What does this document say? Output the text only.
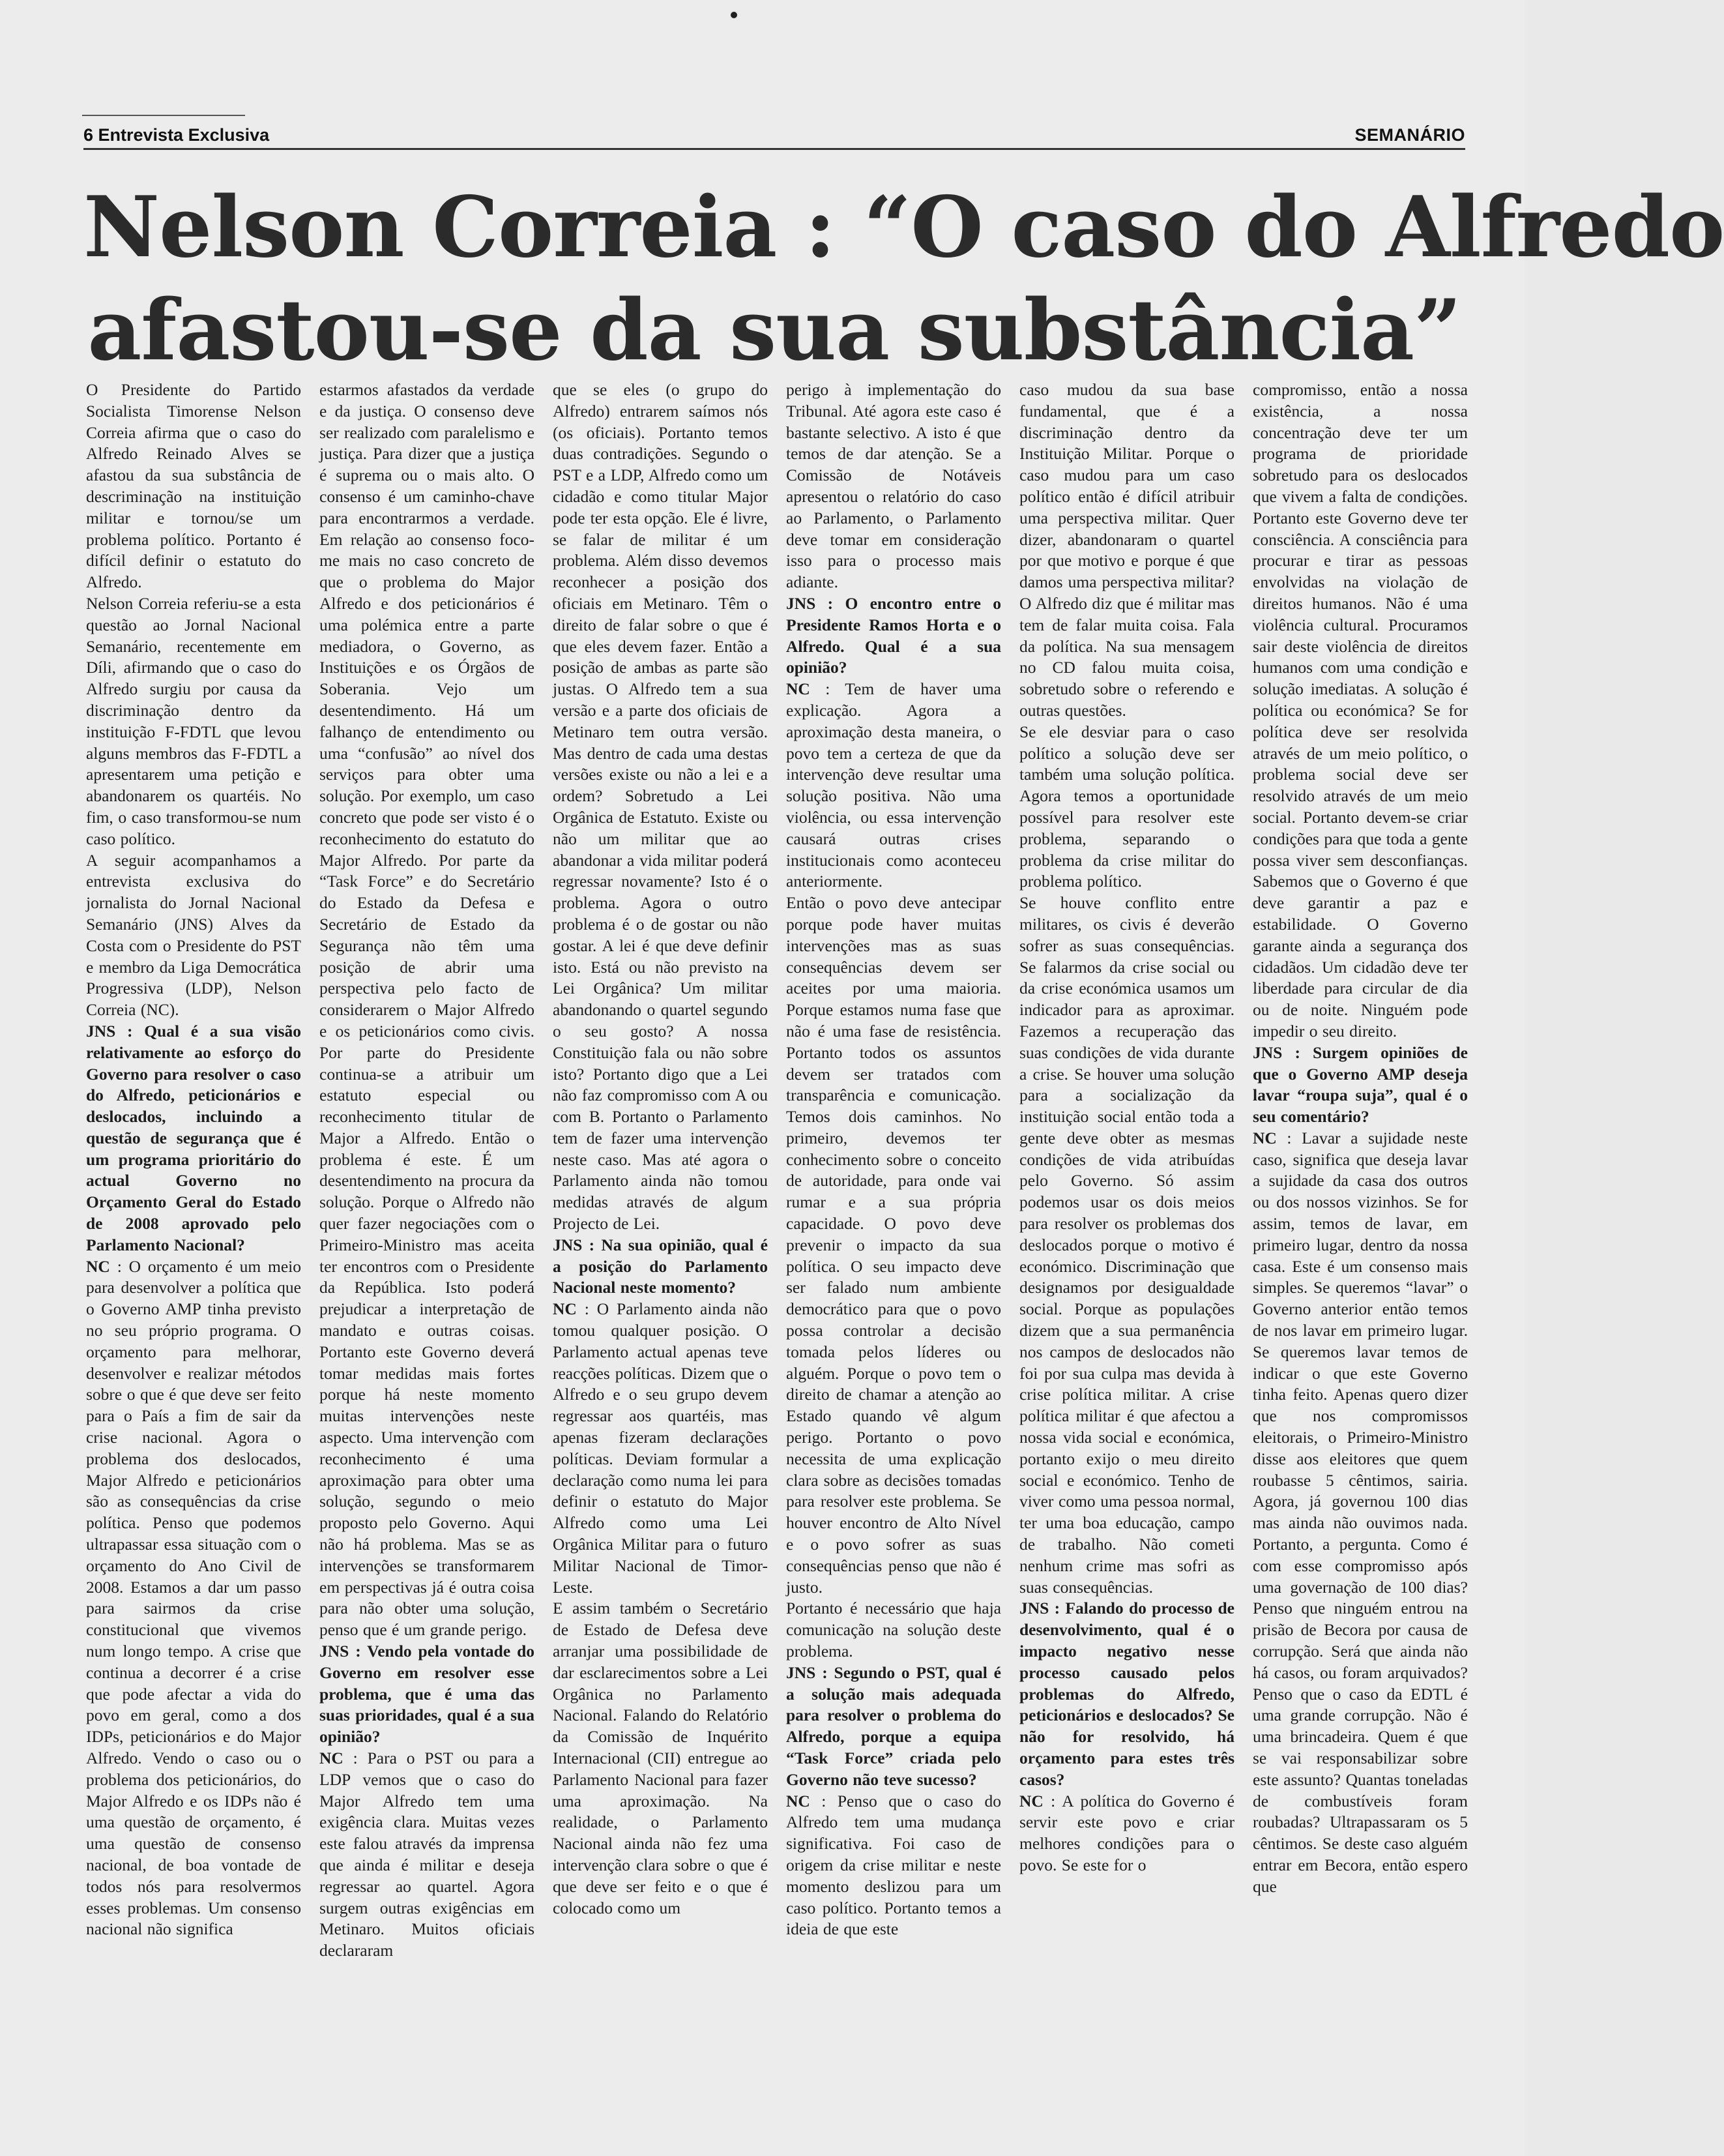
6 Entrevista Exclusiva	SEMANÁRIO
Nelson Correia : “O caso do Alfredo
afastou-se da sua substância”

O Presidente do Partido Socialista Timorense Nelson Correia afirma que o caso do Alfredo Reinado Alves se afastou da sua substância de descriminação na instituição militar e tornou/se um problema político. Portanto é difícil definir o estatuto do Alfredo.

Nelson Correia referiu-se a esta questão ao Jornal Nacional Semanário, recentemente em Díli, afirmando que o caso do Alfredo surgiu por causa da discriminação dentro da instituição F-FDTL que levou alguns membros das F-FDTL a apresentarem uma petição e abandonarem os quartéis. No fim, o caso transformou-se num caso político.

A seguir acompanhamos a entrevista exclusiva do jornalista do Jornal Nacional Semanário (JNS) Alves da Costa com o Presidente do PST e membro da Liga Democrática Progressiva (LDP), Nelson Correia (NC).

JNS : Qual é a sua visão relativamente ao esforço do Governo para resolver o caso do Alfredo, peticionários e deslocados, incluindo a questão de segurança que é um programa prioritário do actual Governo no Orçamento Geral do Estado de 2008 aprovado pelo Parlamento Nacional?

NC : O orçamento é um meio para desenvolver a política que o Governo AMP tinha previsto no seu próprio programa. O orçamento para melhorar, desenvolver e realizar métodos sobre o que é que deve ser feito para o País a fim de sair da crise nacional. Agora o problema dos deslocados, Major Alfredo e peticionários são as consequências da crise política. Penso que podemos ultrapassar essa situação com o orçamento do Ano Civil de 2008. Estamos a dar um passo para sairmos da crise constitucional que vivemos num longo tempo. A crise que continua a decorrer é a crise que pode afectar a vida do povo em geral, como a dos IDPs, peticionários e do Major Alfredo. Vendo o caso ou o problema dos peticionários, do Major Alfredo e os IDPs não é uma questão de orçamento, é uma questão de consenso nacional, de boa vontade de todos nós para resolvermos esses problemas. Um consenso nacional não significa

estarmos afastados da verdade e da justiça. O consenso deve ser realizado com paralelismo e justiça. Para dizer que a justiça é suprema ou o mais alto. O consenso é um caminho-chave para encontrarmos a verdade. Em relação ao consenso foco-me mais no caso concreto de que o problema do Major Alfredo e dos peticionários é uma polémica entre a parte mediadora, o Governo, as Instituições e os Órgãos de Soberania. Vejo um desentendimento. Há um falhanço de entendimento ou uma “confusão” ao nível dos serviços para obter uma solução. Por exemplo, um caso concreto que pode ser visto é o reconhecimento do estatuto do Major Alfredo. Por parte da “Task Force” e do Secretário do Estado da Defesa e Secretário de Estado da Segurança não têm uma posição de abrir uma perspectiva pelo facto de considerarem o Major Alfredo e os peticionários como civis. Por parte do Presidente continua-se a atribuir um estatuto especial ou reconhecimento titular de Major a Alfredo. Então o problema é este. É um desentendimento na procura da solução. Porque o Alfredo não quer fazer negociações com o Primeiro-Ministro mas aceita ter encontros com o Presidente da República. Isto poderá prejudicar a interpretação de mandato e outras coisas. Portanto este Governo deverá tomar medidas mais fortes porque há neste momento muitas intervenções neste aspecto. Uma intervenção com reconhecimento é uma aproximação para obter uma solução, segundo o meio proposto pelo Governo. Aqui não há problema. Mas se as intervenções se transformarem em perspectivas já é outra coisa para não obter uma solução, penso que é um grande perigo.

JNS : Vendo pela vontade do Governo em resolver esse problema, que é uma das suas prioridades, qual é a sua opinião?

NC : Para o PST ou para a LDP vemos que o caso do Major Alfredo tem uma exigência clara. Muitas vezes este falou através da imprensa que ainda é militar e deseja regressar ao quartel. Agora surgem outras exigências em Metinaro. Muitos oficiais declararam

que se eles (o grupo do Alfredo) entrarem saímos nós (os oficiais). Portanto temos duas contradições. Segundo o PST e a LDP, Alfredo como um cidadão e como titular Major pode ter esta opção. Ele é livre, se falar de militar é um problema. Além disso devemos reconhecer a posição dos oficiais em Metinaro. Têm o direito de falar sobre o que é que eles devem fazer. Então a posição de ambas as parte são justas. O Alfredo tem a sua versão e a parte dos oficiais de Metinaro tem outra versão. Mas dentro de cada uma destas versões existe ou não a lei e a ordem? Sobretudo a Lei Orgânica de Estatuto. Existe ou não um militar que ao abandonar a vida militar poderá regressar novamente? Isto é o problema. Agora o outro problema é o de gostar ou não gostar. A lei é que deve definir isto. Está ou não previsto na Lei Orgânica? Um militar abandonando o quartel segundo o seu gosto? A nossa Constituição fala ou não sobre isto? Portanto digo que a Lei não faz compromisso com A ou com B. Portanto o Parlamento tem de fazer uma intervenção neste caso. Mas até agora o Parlamento ainda não tomou medidas através de algum Projecto de Lei.

JNS : Na sua opinião, qual é a posição do Parlamento Nacional neste momento?

NC : O Parlamento ainda não tomou qualquer posição. O Parlamento actual apenas teve reacções políticas. Dizem que o Alfredo e o seu grupo devem regressar aos quartéis, mas apenas fizeram declarações políticas. Deviam formular a declaração como numa lei para definir o estatuto do Major Alfredo como uma Lei Orgânica Militar para o futuro Militar Nacional de Timor-Leste.

E assim também o Secretário de Estado de Defesa deve arranjar uma possibilidade de dar esclarecimentos sobre a Lei Orgânica no Parlamento Nacional. Falando do Relatório da Comissão de Inquérito Internacional (CII) entregue ao Parlamento Nacional para fazer uma aproximação. Na realidade, o Parlamento Nacional ainda não fez uma intervenção clara sobre o que é que deve ser feito e o que é colocado como um

perigo à implementação do Tribunal. Até agora este caso é bastante selectivo. A isto é que temos de dar atenção. Se a Comissão de Notáveis apresentou o relatório do caso ao Parlamento, o Parlamento deve tomar em consideração isso para o processo mais adiante.

JNS : O encontro entre o Presidente Ramos Horta e o Alfredo. Qual é a sua opinião?

NC : Tem de haver uma explicação. Agora a aproximação desta maneira, o povo tem a certeza de que da intervenção deve resultar uma solução positiva. Não uma violência, ou essa intervenção causará outras crises institucionais como aconteceu anteriormente.

Então o povo deve antecipar porque pode haver muitas intervenções mas as suas consequências devem ser aceites por uma maioria. Porque estamos numa fase que não é uma fase de resistência. Portanto todos os assuntos devem ser tratados com transparência e comunicação. Temos dois caminhos. No primeiro, devemos ter conhecimento sobre o conceito de autoridade, para onde vai rumar e a sua própria capacidade. O povo deve prevenir o impacto da sua política. O seu impacto deve ser falado num ambiente democrático para que o povo possa controlar a decisão tomada pelos líderes ou alguém. Porque o povo tem o direito de chamar a atenção ao Estado quando vê algum perigo. Portanto o povo necessita de uma explicação clara sobre as decisões tomadas para resolver este problema. Se houver encontro de Alto Nível e o povo sofrer as suas consequências penso que não é justo.

Portanto é necessário que haja comunicação na solução deste problema.

JNS : Segundo o PST, qual é a solução mais adequada para resolver o problema do Alfredo, porque a equipa “Task Force” criada pelo Governo não teve sucesso?

NC : Penso que o caso do Alfredo tem uma mudança significativa. Foi caso de origem da crise militar e neste momento deslizou para um caso político. Portanto temos a ideia de que este

caso mudou da sua base fundamental, que é a discriminação dentro da Instituição Militar. Porque o caso mudou para um caso político então é difícil atribuir uma perspectiva militar. Quer dizer, abandonaram o quartel por que motivo e porque é que damos uma perspectiva militar? O Alfredo diz que é militar mas tem de falar muita coisa. Fala da política. Na sua mensagem no CD falou muita coisa, sobretudo sobre o referendo e outras questões.

Se ele desviar para o caso político a solução deve ser também uma solução política. Agora temos a oportunidade possível para resolver este problema, separando o problema da crise militar do problema político.

Se houve conflito entre militares, os civis é deverão sofrer as suas consequências. Se falarmos da crise social ou da crise económica usamos um indicador para as aproximar. Fazemos a recuperação das suas condições de vida durante a crise. Se houver uma solução para a socialização da instituição social então toda a gente deve obter as mesmas condições de vida atribuídas pelo Governo. Só assim podemos usar os dois meios para resolver os problemas dos deslocados porque o motivo é económico. Discriminação que designamos por desigualdade social. Porque as populações dizem que a sua permanência nos campos de deslocados não foi por sua culpa mas devida à crise política militar. A crise política militar é que afectou a nossa vida social e económica, portanto exijo o meu direito social e económico. Tenho de viver como uma pessoa normal, ter uma boa educação, campo de trabalho. Não cometi nenhum crime mas sofri as suas consequências.

JNS : Falando do processo de desenvolvimento, qual é o impacto negativo nesse processo causado pelos problemas do Alfredo, peticionários e deslocados? Se não for resolvido, há orçamento para estes três casos?

NC : A política do Governo é servir este povo e criar melhores condições para o povo. Se este for o

compromisso, então a nossa existência, a nossa concentração deve ter um programa de prioridade sobretudo para os deslocados que vivem a falta de condições. Portanto este Governo deve ter consciência. A consciência para procurar e tirar as pessoas envolvidas na violação de direitos humanos. Não é uma violência cultural. Procuramos sair deste violência de direitos humanos com uma condição e solução imediatas. A solução é política ou económica? Se for política deve ser resolvida através de um meio político, o problema social deve ser resolvido através de um meio social. Portanto devem-se criar condições para que toda a gente possa viver sem desconfianças. Sabemos que o Governo é que deve garantir a paz e estabilidade. O Governo garante ainda a segurança dos cidadãos. Um cidadão deve ter liberdade para circular de dia ou de noite. Ninguém pode impedir o seu direito.

JNS : Surgem opiniões de que o Governo AMP deseja lavar “roupa suja”, qual é o seu comentário?

NC : Lavar a sujidade neste caso, significa que deseja lavar a sujidade da casa dos outros ou dos nossos vizinhos. Se for assim, temos de lavar, em primeiro lugar, dentro da nossa casa. Este é um consenso mais simples. Se queremos “lavar” o Governo anterior então temos de nos lavar em primeiro lugar. Se queremos lavar temos de indicar o que este Governo tinha feito. Apenas quero dizer que nos compromissos eleitorais, o Primeiro-Ministro disse aos eleitores que quem roubasse 5 cêntimos, sairia. Agora, já governou 100 dias mas ainda não ouvimos nada. Portanto, a pergunta. Como é com esse compromisso após uma governação de 100 dias? Penso que ninguém entrou na prisão de Becora por causa de corrupção. Será que ainda não há casos, ou foram arquivados? Penso que o caso da EDTL é uma grande corrupção. Não é uma brincadeira. Quem é que se vai responsabilizar sobre este assunto? Quantas toneladas de combustíveis foram roubadas? Ultrapassaram os 5 cêntimos. Se deste caso alguém entrar em Becora, então espero que
